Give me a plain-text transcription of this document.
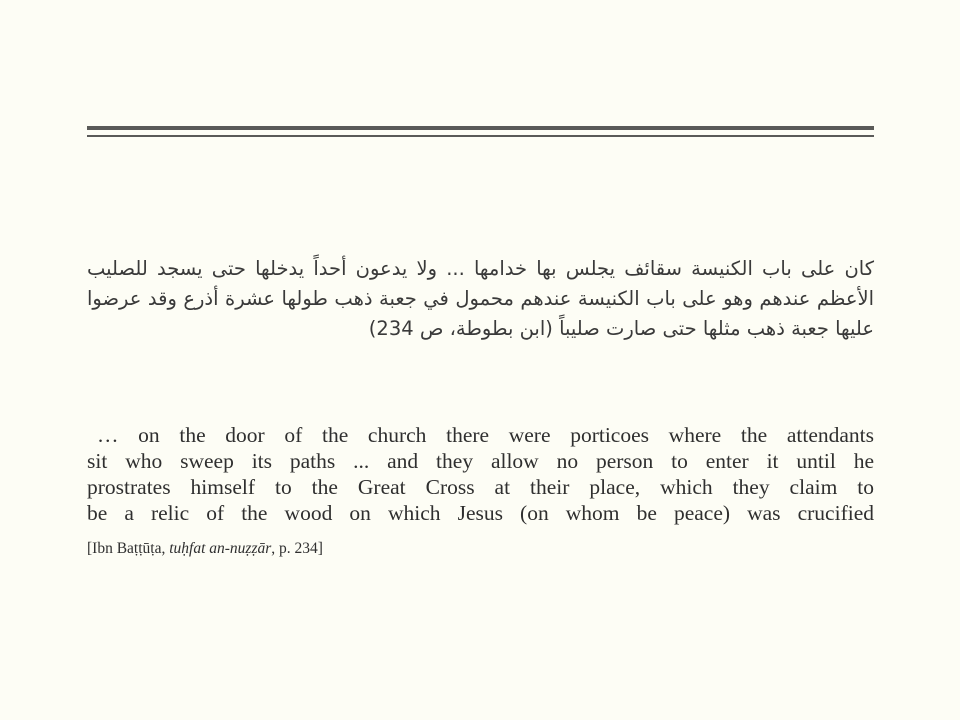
كان على باب الكنيسة سقائف يجلس بها خدامها ... ولا يدعون أحداً يدخلها حتى يسجد للصليب الأعظم عندهم وهو على باب الكنيسة عندهم محمول في جعبة ذهب طولها عشرة أذرع وقد عرضوا عليها جعبة ذهب مثلها حتى صارت صليباً (ابن بطوطة، ص 234)
… on the door of the church there were porticoes where the attendants
sit who sweep its paths ... and they allow no person to enter it until he
prostrates himself to the Great Cross at their place, which they claim to
be a relic of the wood on which Jesus (on whom be peace) was crucified
[Ibn Baṭṭūṭa, tuḥfat an-nuẓẓār, p. 234]
